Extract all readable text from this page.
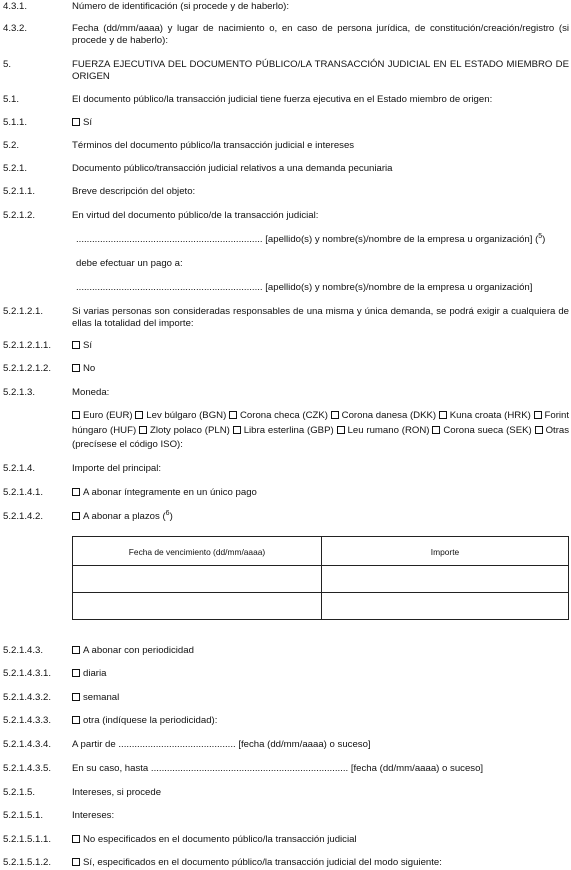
4.3.1.	Número de identificación (si procede y de haberlo):
4.3.2.	Fecha (dd/mm/aaaa) y lugar de nacimiento o, en caso de persona jurídica, de constitución/creación/registro (si procede y de haberlo):
5.	FUERZA EJECUTIVA DEL DOCUMENTO PÚBLICO/LA TRANSACCIÓN JUDICIAL EN EL ESTADO MIEMBRO DE ORIGEN
5.1.	El documento público/la transacción judicial tiene fuerza ejecutiva en el Estado miembro de origen:
5.1.1.	Sí
5.2.	Términos del documento público/la transacción judicial e intereses
5.2.1.	Documento público/transacción judicial relativos a una demanda pecuniaria
5.2.1.1.	Breve descripción del objeto:
5.2.1.2.	En virtud del documento público/de la transacción judicial:
...................................................................... [apellido(s) y nombre(s)/nombre de la empresa u organización] ($^5$)
debe efectuar un pago a:
...................................................................... [apellido(s) y nombre(s)/nombre de la empresa u organización]
5.2.1.2.1.	Si varias personas son consideradas responsables de una misma y única demanda, se podrá exigir a cualquiera de ellas la totalidad del importe:
5.2.1.2.1.1.	Sí
5.2.1.2.1.2.	No
5.2.1.3.	Moneda:
Euro (EUR) Lev búlgaro (BGN) Corona checa (CZK) Corona danesa (DKK) Kuna croata (HRK) Forint húngaro (HUF) Zloty polaco (PLN) Libra esterlina (GBP) Leu rumano (RON) Corona sueca (SEK) Otras (precísese el código ISO):
5.2.1.4.	Importe del principal:
5.2.1.4.1.	A abonar íntegramente en un único pago
5.2.1.4.2.	A abonar a plazos ($^6$)
Fecha de vencimiento (dd/mm/aaaa)	Importe
5.2.1.4.3.	A abonar con periodicidad
5.2.1.4.3.1.	diaria
5.2.1.4.3.2.	semanal
5.2.1.4.3.3.	otra (indíquese la periodicidad):
5.2.1.4.3.4. A partir de ............................................ [fecha (dd/mm/aaaa) o suceso]
5.2.1.4.3.5. En su caso, hasta .......................................................................... [fecha (dd/mm/aaaa) o suceso]
5.2.1.5.	Intereses, si procede
5.2.1.5.1.	Intereses:
5.2.1.5.1.1.	No especificados en el documento público/la transacción judicial
5.2.1.5.1.2.	Sí, especificados en el documento público/la transacción judicial del modo siguiente:
